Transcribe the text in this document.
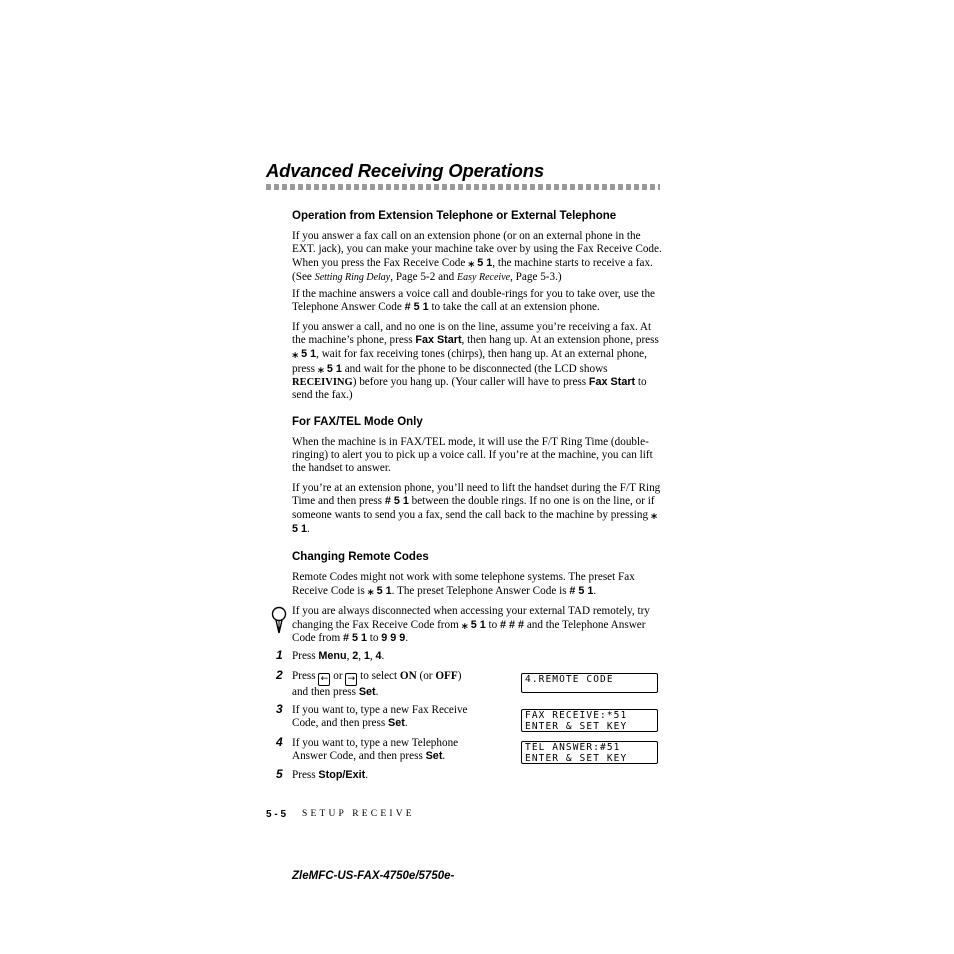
Advanced Receiving Operations
Operation from Extension Telephone or External Telephone
If you answer a fax call on an extension phone (or on an external phone in the EXT. jack), you can make your machine take over by using the Fax Receive Code. When you press the Fax Receive Code ⁎ 5 1, the machine starts to receive a fax. (See Setting Ring Delay, Page 5-2 and Easy Receive, Page 5-3.)
If the machine answers a voice call and double-rings for you to take over, use the Telephone Answer Code # 5 1 to take the call at an extension phone.
If you answer a call, and no one is on the line, assume you’re receiving a fax. At the machine’s phone, press Fax Start, then hang up. At an extension phone, press ⁎ 5 1, wait for fax receiving tones (chirps), then hang up. At an external phone, press ⁎ 5 1 and wait for the phone to be disconnected (the LCD shows RECEIVING) before you hang up. (Your caller will have to press Fax Start to send the fax.)
For FAX/TEL Mode Only
When the machine is in FAX/TEL mode, it will use the F/T Ring Time (double-ringing) to alert you to pick up a voice call. If you’re at the machine, you can lift the handset to answer.
If you’re at an extension phone, you’ll need to lift the handset during the F/T Ring Time and then press # 5 1 between the double rings. If no one is on the line, or if someone wants to send you a fax, send the call back to the machine by pressing ⁎ 5 1.
Changing Remote Codes
Remote Codes might not work with some telephone systems. The preset Fax Receive Code is ⁎ 5 1. The preset Telephone Answer Code is # 5 1.
If you are always disconnected when accessing your external TAD remotely, try changing the Fax Receive Code from ⁎ 5 1 to # # # and the Telephone Answer Code from # 5 1 to 9 9 9.
1 Press Menu, 2, 1, 4.
2 Press ← or → to select ON (or OFF)
and then press Set.
3 If you want to, type a new Fax Receive
Code, and then press Set.
4 If you want to, type a new Telephone
Answer Code, and then press Set.
5 Press Stop/Exit.
4.REMOTE CODE
FAX RECEIVE:*51
ENTER & SET KEY
TEL ANSWER:#51
ENTER & SET KEY
5 - 5 SETUP RECEIVE
ZleMFC-US-FAX-4750e/5750e-
